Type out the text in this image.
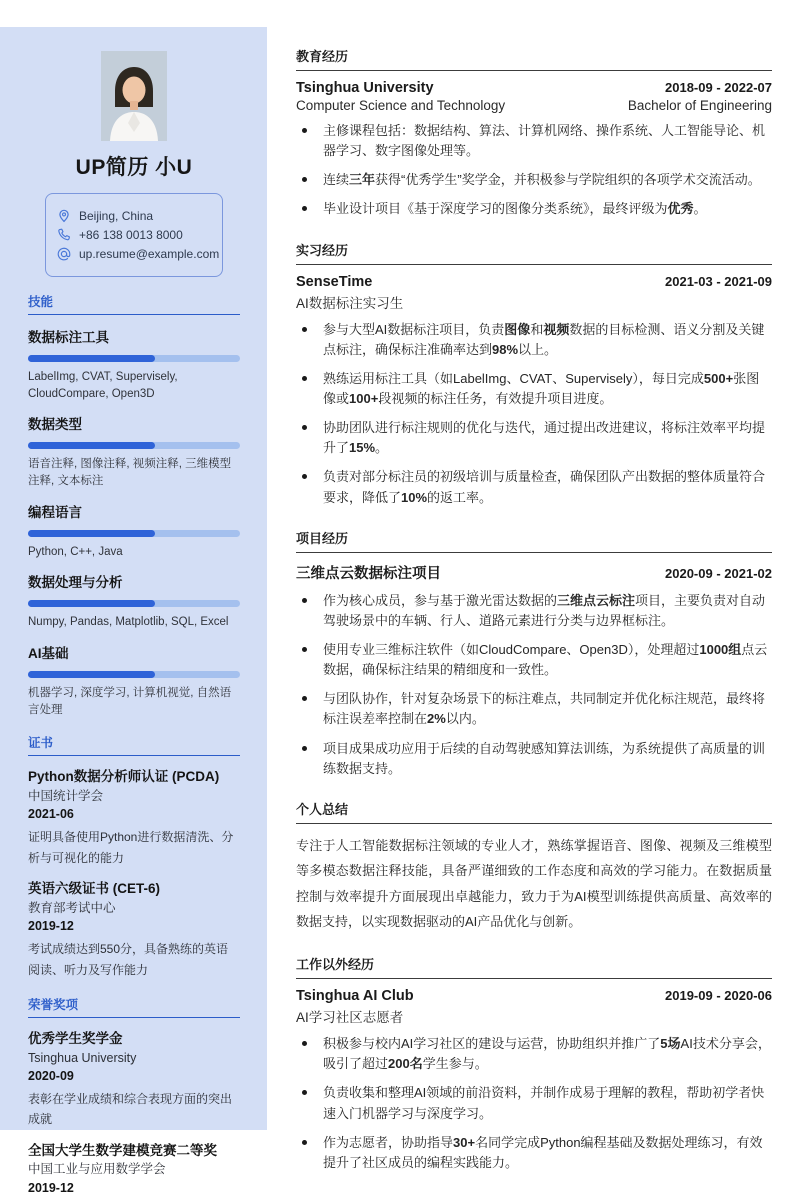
UP简历 小U
Beijing, China
+86 138 0013 8000
up.resume@example.com
技能
数据标注工具
LabelImg, CVAT, Supervisely, CloudCompare, Open3D
数据类型
语音注释, 图像注释, 视频注释, 三维模型注释, 文本标注
编程语言
Python, C++, Java
数据处理与分析
Numpy, Pandas, Matplotlib, SQL, Excel
AI基础
机器学习, 深度学习, 计算机视觉, 自然语言处理
证书
Python数据分析师认证 (PCDA)
中国统计学会
2021-06
证明具备使用Python进行数据清洗、分析与可视化的能力
英语六级证书 (CET-6)
教育部考试中心
2019-12
考试成绩达到550分，具备熟练的英语阅读、听力及写作能力
荣誉奖项
优秀学生奖学金
Tsinghua University
2020-09
表彰在学业成绩和综合表现方面的突出成就
全国大学生数学建模竞赛二等奖
中国工业与应用数学学会
2019-12
教育经历
Tsinghua University	2018-09 - 2022-07
Computer Science and Technology	Bachelor of Engineering
主修课程包括：数据结构、算法、计算机网络、操作系统、人工智能导论、机器学习、数字图像处理等。
连续三年获得“优秀学生”奖学金，并积极参与学院组织的各项学术交流活动。
毕业设计项目《基于深度学习的图像分类系统》，最终评级为优秀。
实习经历
SenseTime	2021-03 - 2021-09
AI数据标注实习生
参与大型AI数据标注项目，负责图像和视频数据的目标检测、语义分割及关键点标注，确保标注准确率达到98%以上。
熟练运用标注工具（如LabelImg、CVAT、Supervisely），每日完成500+张图像或100+段视频的标注任务，有效提升项目进度。
协助团队进行标注规则的优化与迭代，通过提出改进建议，将标注效率平均提升了15%。
负责对部分标注员的初级培训与质量检查，确保团队产出数据的整体质量符合要求，降低了10%的返工率。
项目经历
三维点云数据标注项目	2020-09 - 2021-02
作为核心成员，参与基于激光雷达数据的三维点云标注项目，主要负责对自动驾驶场景中的车辆、行人、道路元素进行分类与边界框标注。
使用专业三维标注软件（如CloudCompare、Open3D），处理超过1000组点云数据，确保标注结果的精细度和一致性。
与团队协作，针对复杂场景下的标注难点，共同制定并优化标注规范，最终将标注误差率控制在2%以内。
项目成果成功应用于后续的自动驾驶感知算法训练，为系统提供了高质量的训练数据支持。
个人总结

专注于人工智能数据标注领域的专业人才，熟练掌握语音、图像、视频及三维模型等多模态数据注释技能，具备严谨细致的工作态度和高效的学习能力。在数据质量控制与效率提升方面展现出卓越能力，致力于为AI模型训练提供高质量、高效率的数据支持，以实现数据驱动的AI产品优化与创新。

工作以外经历
Tsinghua AI Club	2019-09 - 2020-06
AI学习社区志愿者
积极参与校内AI学习社区的建设与运营，协助组织并推广了5场AI技术分享会，吸引了超过200名学生参与。
负责收集和整理AI领域的前沿资料，并制作成易于理解的教程，帮助初学者快速入门机器学习与深度学习。
作为志愿者，协助指导30+名同学完成Python编程基础及数据处理练习，有效提升了社区成员的编程实践能力。
